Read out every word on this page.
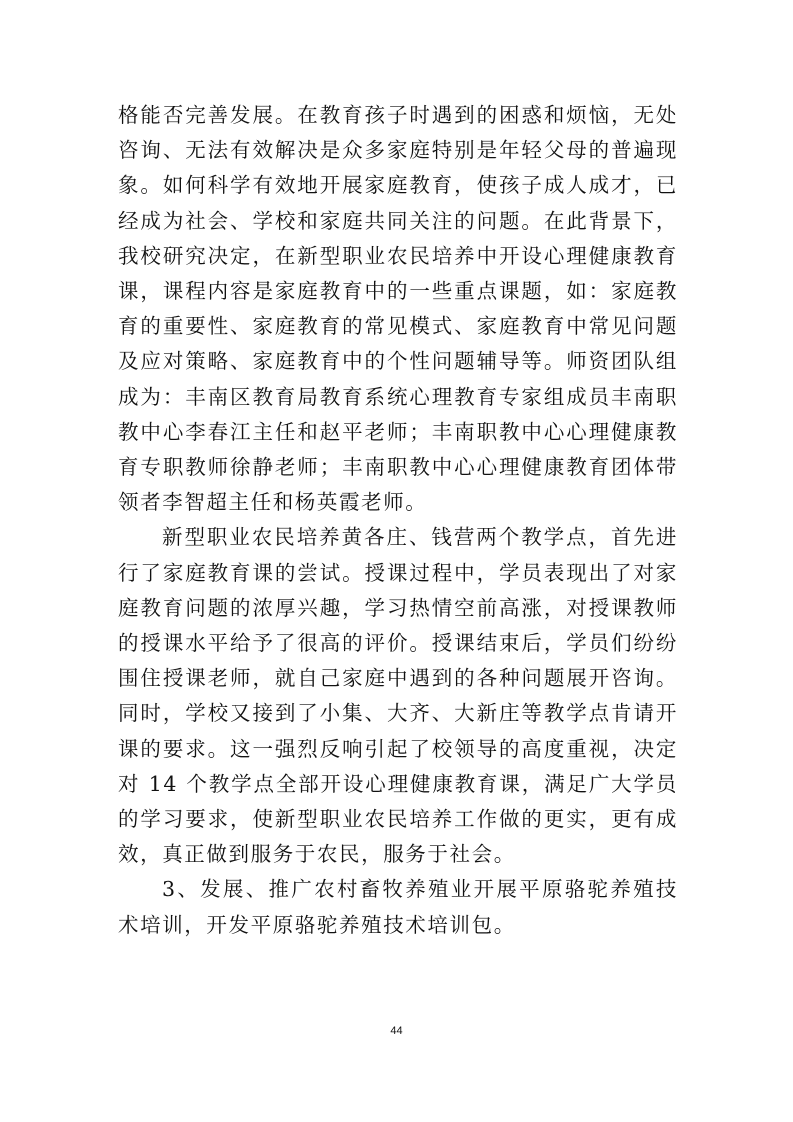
格能否完善发展。在教育孩子时遇到的困惑和烦恼，无处咨询、无法有效解决是众多家庭特别是年轻父母的普遍现象。如何科学有效地开展家庭教育，使孩子成人成才，已经成为社会、学校和家庭共同关注的问题。在此背景下，我校研究决定，在新型职业农民培养中开设心理健康教育课，课程内容是家庭教育中的一些重点课题，如：家庭教育的重要性、家庭教育的常见模式、家庭教育中常见问题及应对策略、家庭教育中的个性问题辅导等。师资团队组成为：丰南区教育局教育系统心理教育专家组成员丰南职教中心李春江主任和赵平老师；丰南职教中心心理健康教育专职教师徐静老师；丰南职教中心心理健康教育团体带领者李智超主任和杨英霞老师。

新型职业农民培养黄各庄、钱营两个教学点，首先进行了家庭教育课的尝试。授课过程中，学员表现出了对家庭教育问题的浓厚兴趣，学习热情空前高涨，对授课教师的授课水平给予了很高的评价。授课结束后，学员们纷纷围住授课老师，就自己家庭中遇到的各种问题展开咨询。同时，学校又接到了小集、大齐、大新庄等教学点肯请开课的要求。这一强烈反响引起了校领导的高度重视，决定对 14 个教学点全部开设心理健康教育课，满足广大学员的学习要求，使新型职业农民培养工作做的更实，更有成效，真正做到服务于农民，服务于社会。

3、发展、推广农村畜牧养殖业开展平原骆驼养殖技术培训，开发平原骆驼养殖技术培训包。

44
